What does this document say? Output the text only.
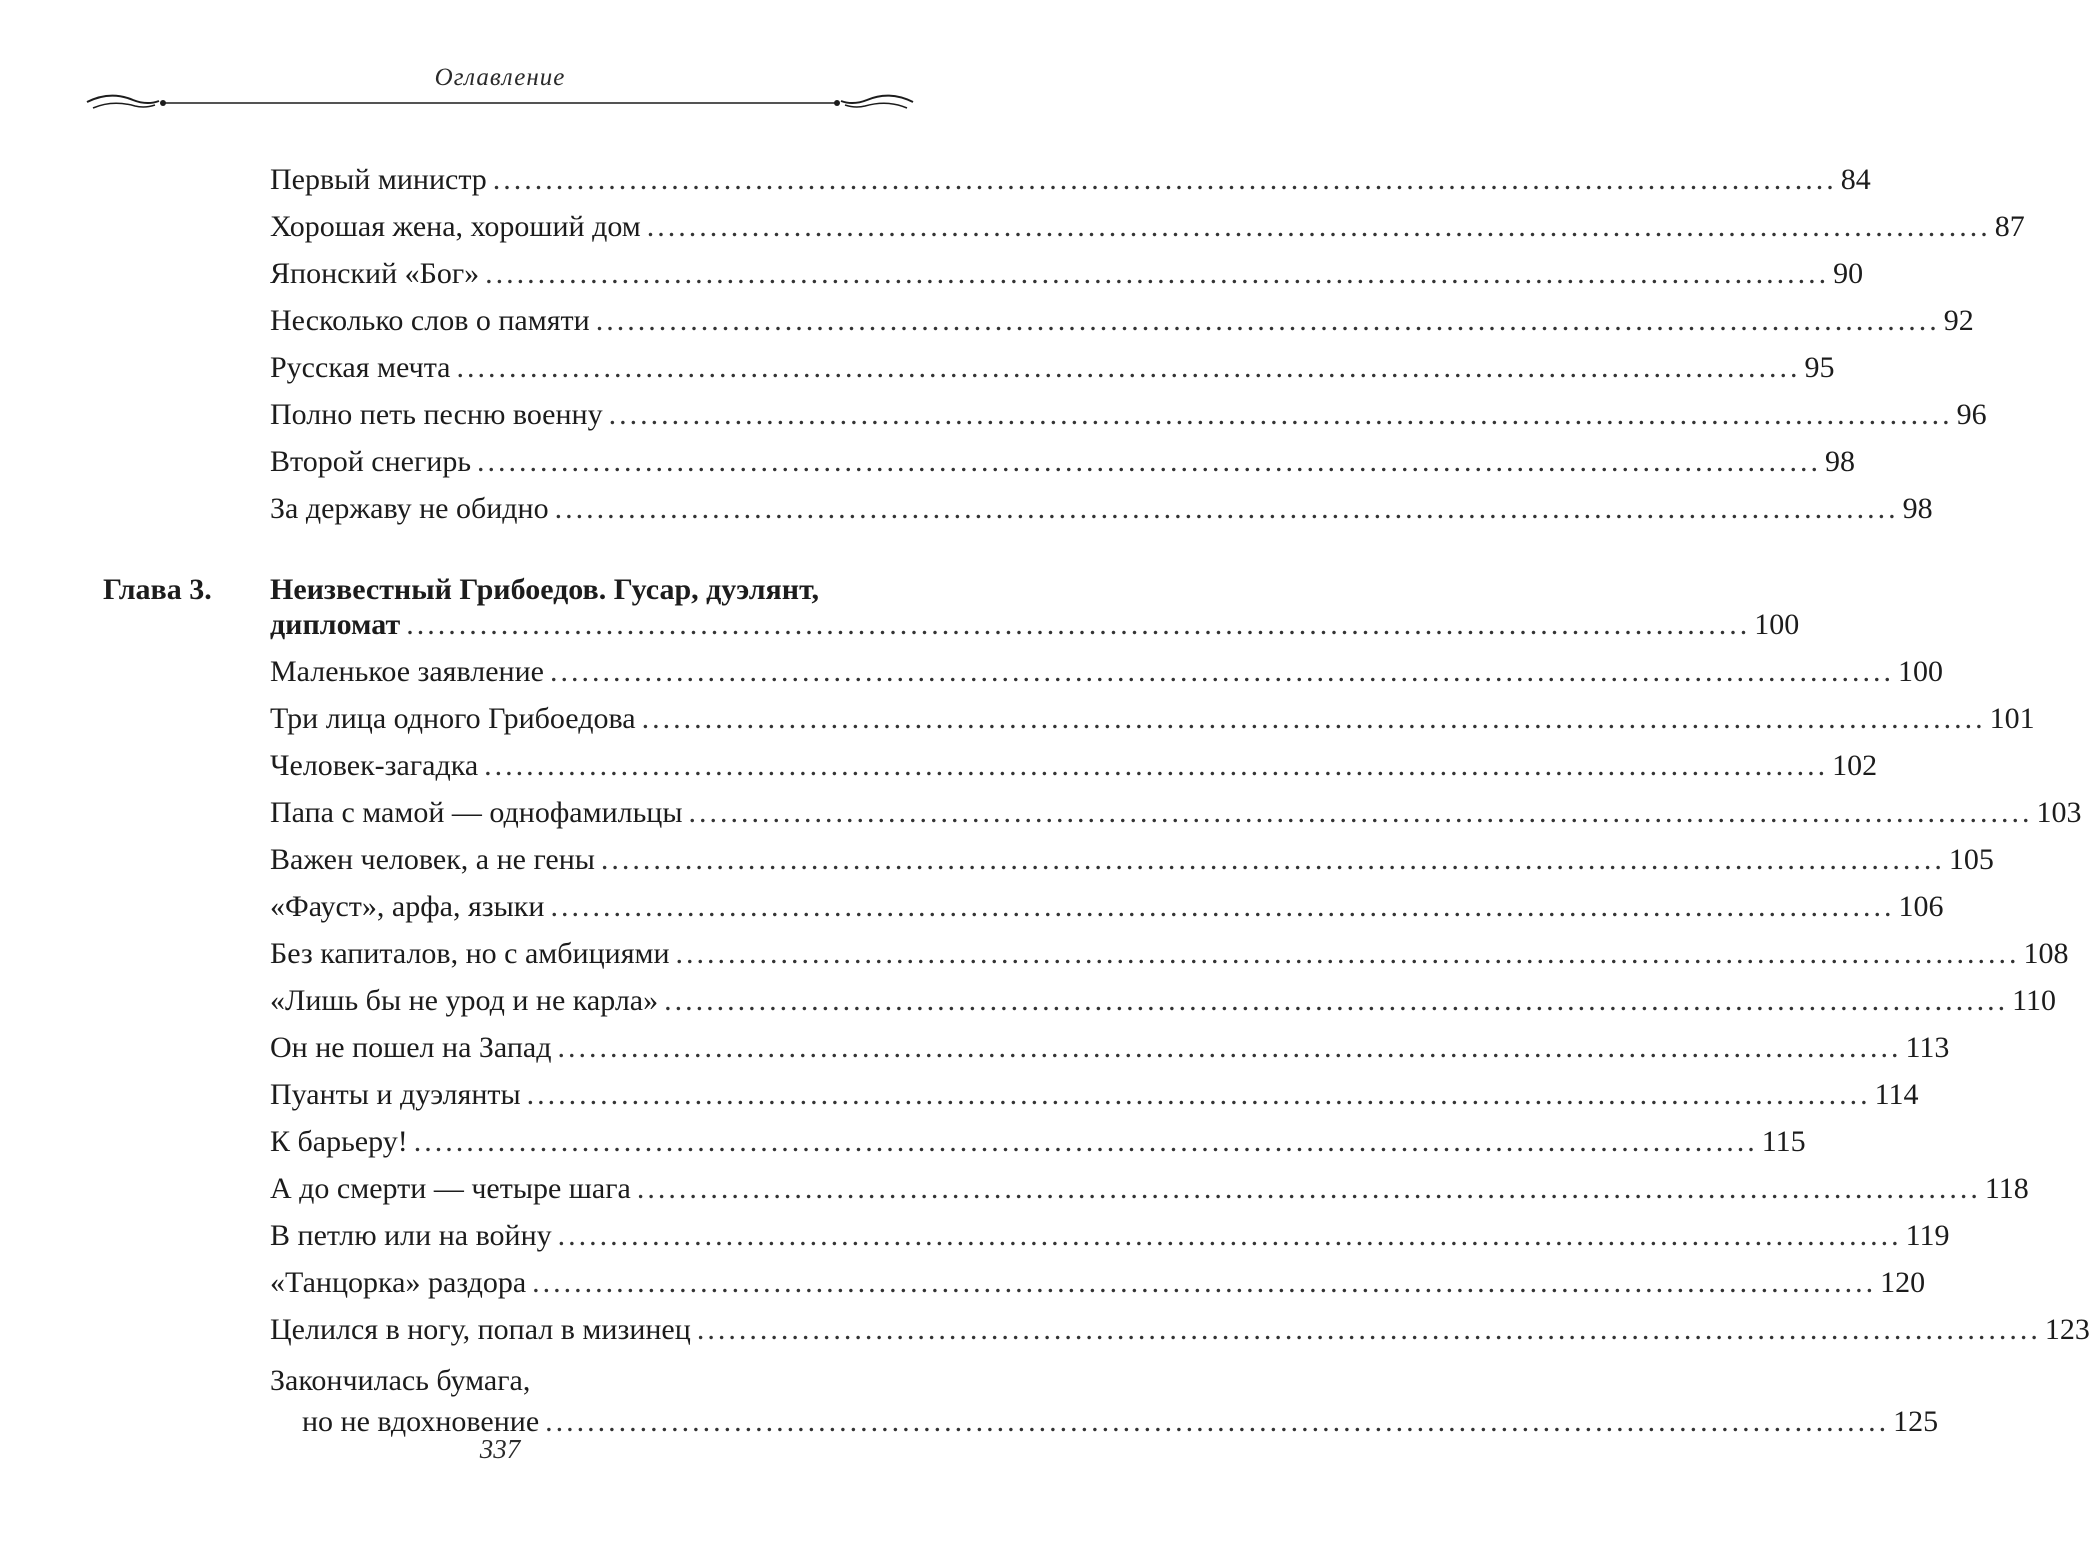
Оглавление
Первый министр ................................................................................................................................ 84
Хорошая жена, хороший дом ................................................................................................................................ 87
Японский «Бог» ................................................................................................................................ 90
Несколько слов о памяти ................................................................................................................................ 92
Русская мечта ................................................................................................................................ 95
Полно петь песню военну ................................................................................................................................ 96
Второй снегирь ................................................................................................................................ 98
За державу не обидно ................................................................................................................................ 98
Неизвестный Грибоедов. Гусар, дуэлянт,
дипломат ................................................................................................................................ 100
Маленькое заявление ................................................................................................................................ 100
Три лица одного Грибоедова ................................................................................................................................ 101
Человек-загадка ................................................................................................................................ 102
Папа с мамой — однофамильцы ................................................................................................................................ 103
Важен человек, а не гены ................................................................................................................................ 105
«Фауст», арфа, языки ................................................................................................................................ 106
Без капиталов, но с амбициями ................................................................................................................................ 108
«Лишь бы не урод и не карла» ................................................................................................................................ 110
Он не пошел на Запад ................................................................................................................................ 113
Пуанты и дуэлянты ................................................................................................................................ 114
К барьеру! ................................................................................................................................ 115
А до смерти — четыре шага ................................................................................................................................ 118
В петлю или на войну ................................................................................................................................ 119
«Танцорка» раздора ................................................................................................................................ 120
Целился в ногу, попал в мизинец ................................................................................................................................ 123
Закончилась бумага,
но не вдохновение ................................................................................................................................ 125
Глава 3.
337
